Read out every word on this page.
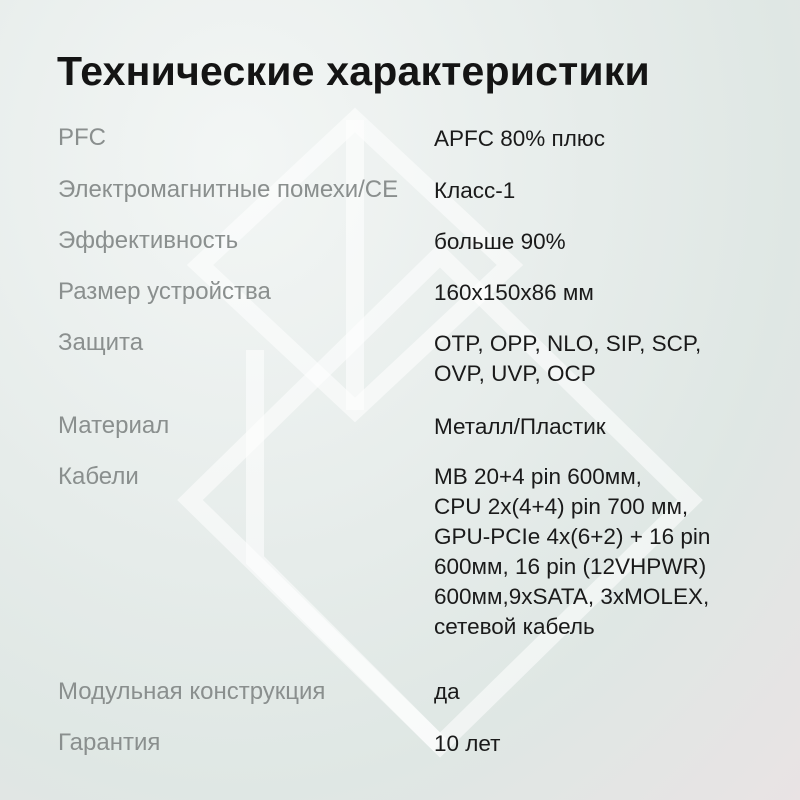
Технические характеристики
PFC	APFC 80% плюс
Электромагнитные помехи/CE	Класс-1
Эффективность	больше 90%
Размер устройства	160x150x86 мм
Защита	OTP, OPP, NLO, SIP, SCP,
OVP, UVP, OCP
Материал	Металл/Пластик
Кабели	MB 20+4 pin 600мм,
CPU 2x(4+4) pin 700 мм,
GPU-PCIe 4x(6+2) + 16 pin
600мм, 16 pin (12VHPWR)
600мм,9xSATA, 3xMOLEX,
сетевой кабель
Модульная конструкция	да
Гарантия	10 лет
